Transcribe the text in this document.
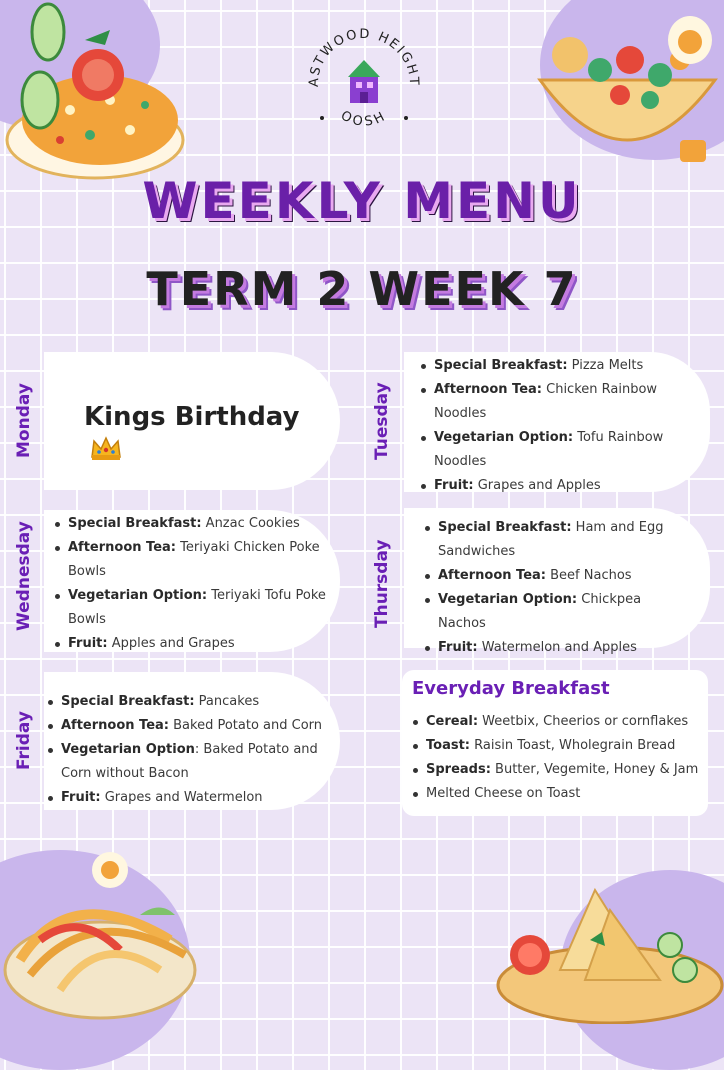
ASTWOOD HEIGHT
OOSH
WEEKLY MENU
TERM 2 WEEK 7
Monday Kings Birthday	Tuesday
Special Breakfast: Pizza Melts
Afternoon Tea: Chicken Rainbow Noodles
Vegetarian Option: Tofu Rainbow Noodles
Fruit: Grapes and Apples
Wednesday	Special Breakfast: Anzac Cookies
Afternoon Tea: Teriyaki Chicken Poke Bowls
Vegetarian Option: Teriyaki Tofu Poke Bowls
Fruit: Apples and Grapes
Thursday
Special Breakfast: Ham and Egg Sandwiches
Afternoon Tea: Beef Nachos
Vegetarian Option: Chickpea Nachos
Fruit: Watermelon and Apples
Friday
Special Breakfast: Pancakes
Afternoon Tea: Baked Potato and Corn
Vegetarian Option: Baked Potato and Corn without Bacon
Fruit: Grapes and Watermelon
Everyday Breakfast
Cereal: Weetbix, Cheerios or cornflakes
Toast: Raisin Toast, Wholegrain Bread
Spreads: Butter, Vegemite, Honey & Jam
Melted Cheese on Toast
